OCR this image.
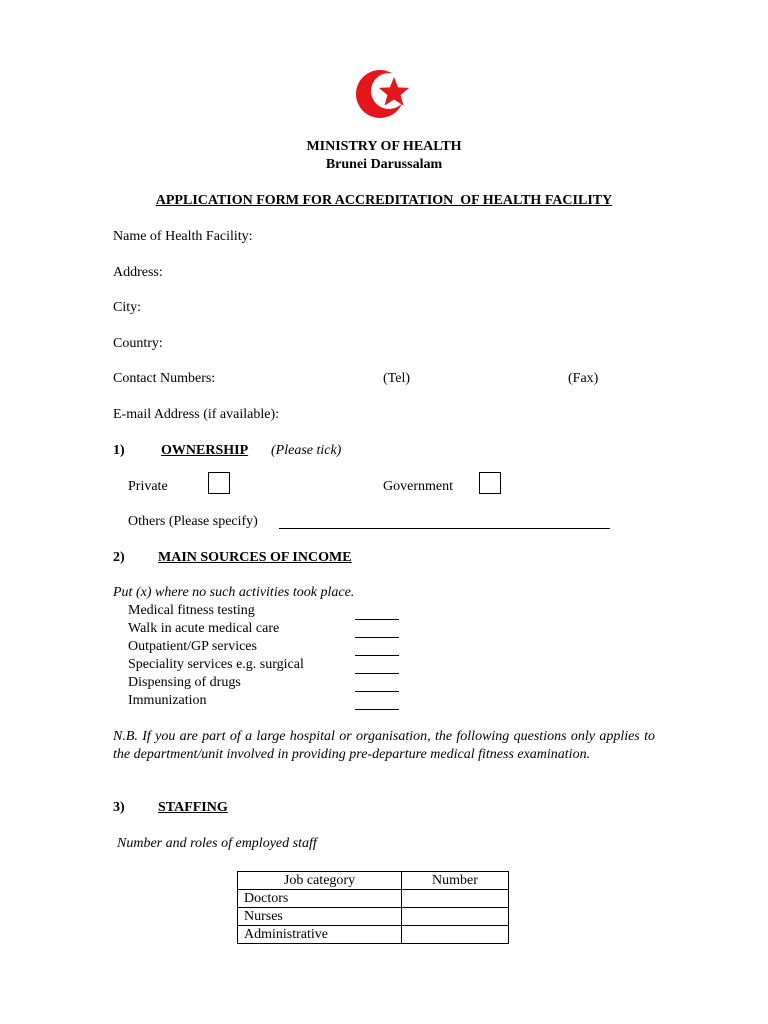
MINISTRY OF HEALTH
Brunei Darussalam
APPLICATION FORM FOR ACCREDITATION  OF HEALTH FACILITY
Name of Health Facility:
Address:
City:
Country:
Contact Numbers:	(Tel)	(Fax)
E-mail Address (if available):
1)	OWNERSHIP (Please tick)
Private	Government
Others (Please specify)
2) MAIN SOURCES OF INCOME
Put (x) where no such activities took place.
Medical fitness testing
Walk in acute medical care
Outpatient/GP services
Speciality services e.g. surgical
Dispensing of drugs
Immunization
N.B. If you are part of a large hospital or organisation, the following questions only applies to the department/unit involved in providing pre-departure medical fitness examination.
3) STAFFING
Number and roles of employed staff
Job category	Number
Doctors	
Nurses	
Administrative	
